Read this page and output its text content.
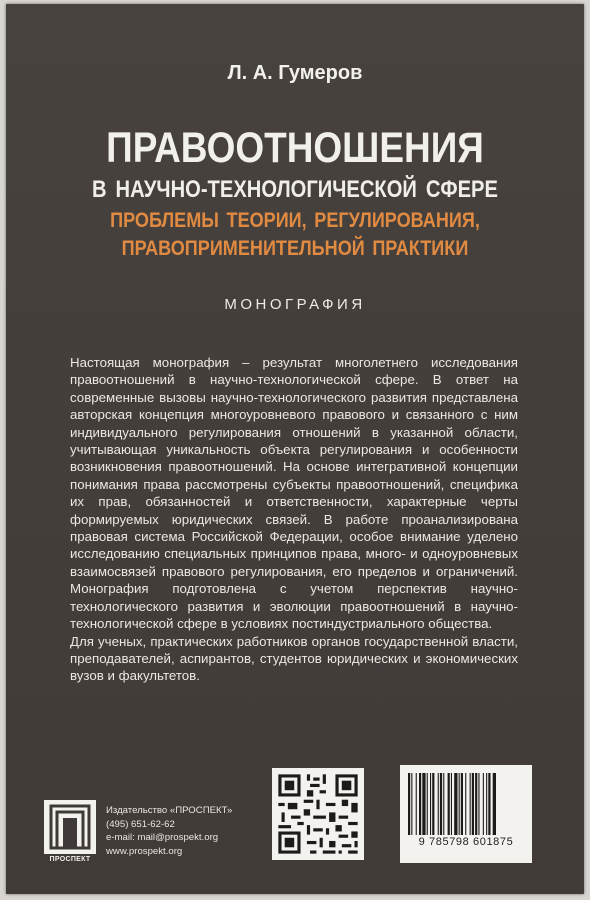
Л. А. Гумеров
ПРАВООТНОШЕНИЯ
В НАУЧНО-ТЕХНОЛОГИЧЕСКОЙ СФЕРЕ
ПРОБЛЕМЫ ТЕОРИИ, РЕГУЛИРОВАНИЯ,
ПРАВОПРИМЕНИТЕЛЬНОЙ ПРАКТИКИ
МОНОГРАФИЯ

Настоящая монография – результат многолетнего исследования правоотношений в научно-технологической сфере. В ответ на современные вызовы научно-технологического развития представлена авторская концепция многоуровневого правового и связанного с ним индивидуального регулирования отношений в указанной области, учитывающая уникальность объекта регулирования и особенности возникновения правоотношений. На основе интегративной концепции понимания права рассмотрены субъекты правоотношений, специфика их прав, обязанностей и ответственности, характерные черты формируемых юридических связей. В работе проанализирована правовая система Российской Федерации, особое внимание уделено исследованию специальных принципов права, много- и одноуровневых взаимосвязей правового регулирования, его пределов и ограничений. Монография подготовлена с учетом перспектив научно-технологического развития и эволюции правоотношений в научно-технологической сфере в условиях постиндустриального общества.

Для ученых, практических работников органов государственной власти, преподавателей, аспирантов, студентов юридических и экономических вузов и факультетов.

ПРОСПЕКТ
Издательство «ПРОСПЕКТ»
(495) 651-62-62
e-mail: mail@prospekt.org
www.prospekt.org
9 785798 601875
